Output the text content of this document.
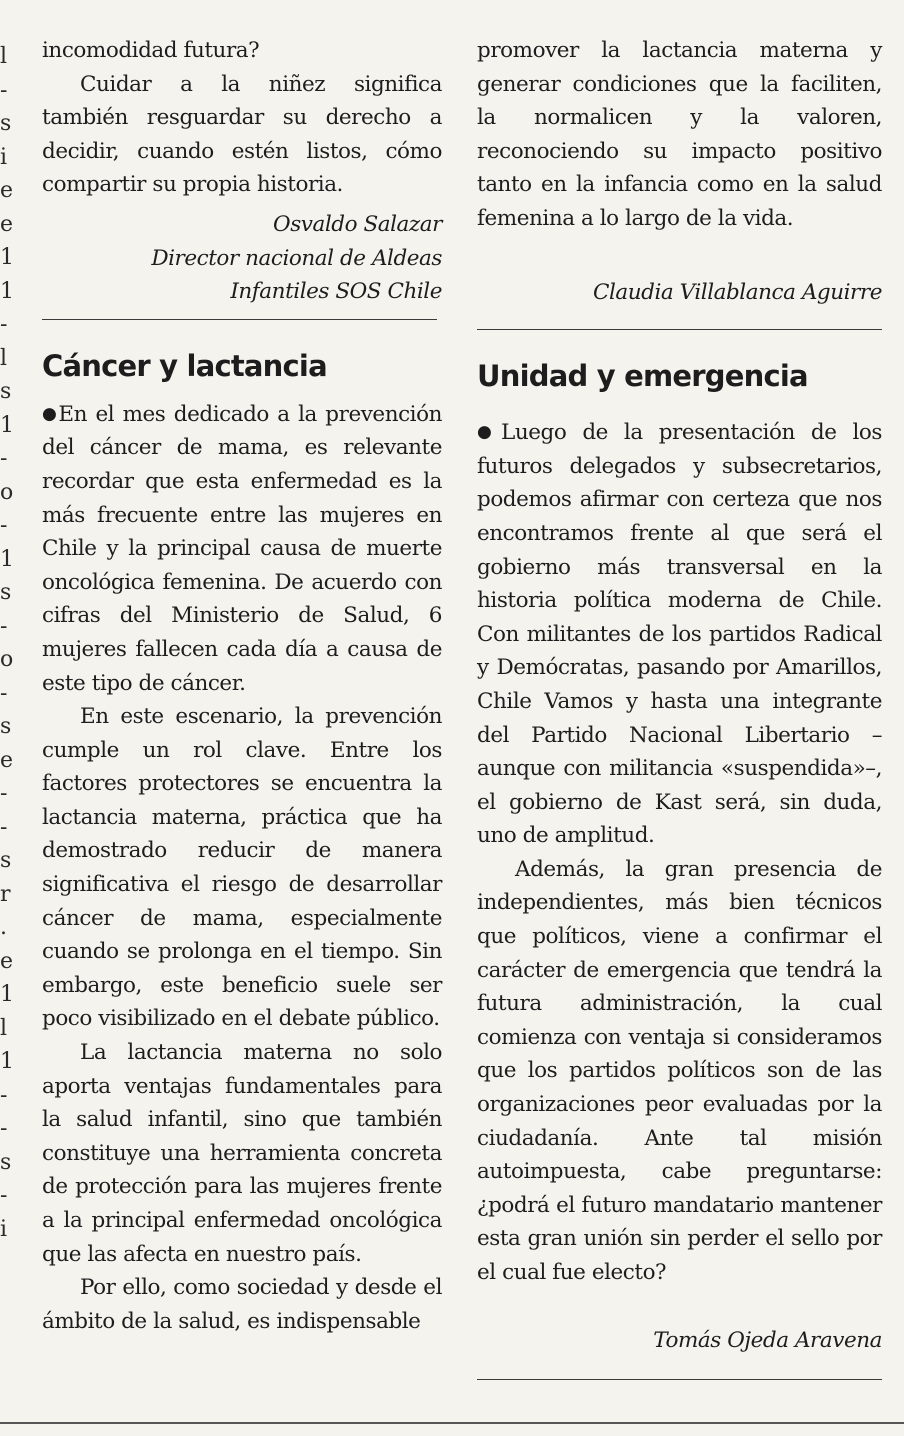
l
-
s
i
e
e
1
1
-
l
s
1
-
o
-
1
s
-
o
-
s
e
-
-
s
r
.
e
1
l
1
-
-
s
-
i

incomodidad futura?

Cuidar a la niñez significa también resguardar su derecho a decidir, cuando estén listos, cómo compartir su propia historia.

Osvaldo Salazar

Director nacional de Aldeas

Infantiles SOS Chile

Cáncer y lactancia

● En el mes dedicado a la prevención del cáncer de mama, es relevante recordar que esta enfermedad es la más frecuente entre las mujeres en Chile y la principal causa de muerte oncológica femenina. De acuerdo con cifras del Ministerio de Salud, 6 mujeres fallecen cada día a causa de este tipo de cáncer.

En este escenario, la prevención cumple un rol clave. Entre los factores protectores se encuentra la lactancia materna, práctica que ha demostrado reducir de manera significativa el riesgo de desarrollar cáncer de mama, especialmente cuando se prolonga en el tiempo. Sin embargo, este beneficio suele ser poco visibilizado en el debate público.

La lactancia materna no solo aporta ventajas fundamentales para la salud infantil, sino que también constituye una herramienta concreta de protección para las mujeres frente a la principal enfermedad oncológica que las afecta en nuestro país.

Por ello, como sociedad y desde el ámbito de la salud, es indispensable

promover la lactancia materna y generar condiciones que la faciliten, la normalicen y la valoren, reconociendo su impacto positivo tanto en la infancia como en la salud femenina a lo largo de la vida.

Claudia Villablanca Aguirre

Unidad y emergencia

● Luego de la presentación de los futuros delegados y subsecretarios, podemos afirmar con certeza que nos encontramos frente al que será el gobierno más transversal en la historia política moderna de Chile. Con militantes de los partidos Radical y Demócratas, pasando por Amarillos, Chile Vamos y hasta una integrante del Partido Nacional Libertario –aunque con militancia «suspendida»–, el gobierno de Kast será, sin duda, uno de amplitud.

Además, la gran presencia de independientes, más bien técnicos que políticos, viene a confirmar el carácter de emergencia que tendrá la futura administración, la cual comienza con ventaja si consideramos que los partidos políticos son de las organizaciones peor evaluadas por la ciudadanía. Ante tal misión autoimpuesta, cabe preguntarse: ¿podrá el futuro mandatario mantener esta gran unión sin perder el sello por el cual fue electo?

Tomás Ojeda Aravena
